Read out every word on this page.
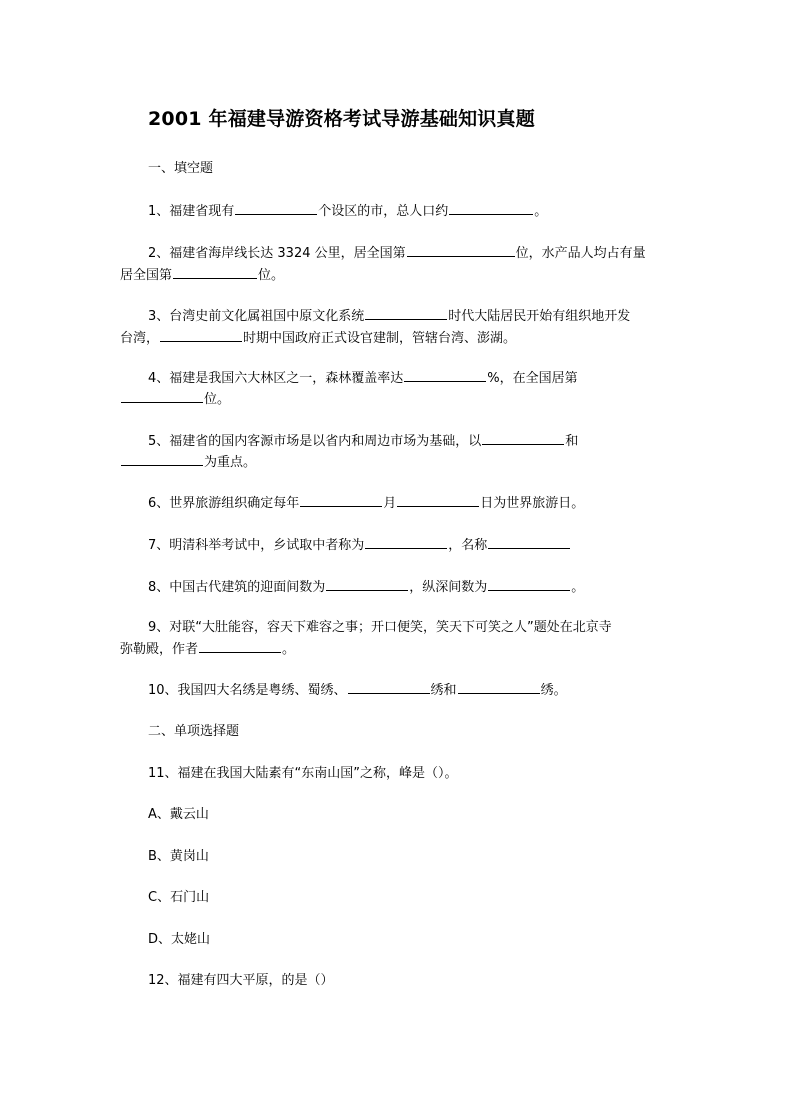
2001 年福建导游资格考试导游基础知识真题
一、填空题
1、福建省现有	个设区的市，总人口约	。
2、福建省海岸线长达 3324 公里，居全国第	位，水产品人均占有量
居全国第	位。
3、台湾史前文化属祖国中原文化系统	时代大陆居民开始有组织地开发
台湾，	时期中国政府正式设官建制，管辖台湾、澎湖。
4、福建是我国六大林区之一，森林覆盖率达	%，在全国居第
位。
5、福建省的国内客源市场是以省内和周边市场为基础，以	和
为重点。
6、世界旅游组织确定每年	月	日为世界旅游日。
7、明清科举考试中，乡试取中者称为	，名称
8、中国古代建筑的迎面间数为	，纵深间数为	。
9、对联“大肚能容，容天下难容之事；开口便笑，笑天下可笑之人”题处在北京寺
弥勒殿，作者	。
10、我国四大名绣是粤绣、蜀绣、	绣和	绣。
二、单项选择题
11、福建在我国大陆素有“东南山国”之称，峰是（）。
A、戴云山
B、黄岗山
C、石门山
D、太姥山
12、福建有四大平原，的是（）
